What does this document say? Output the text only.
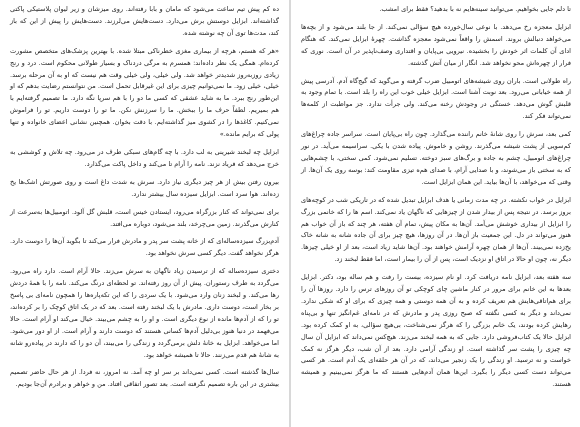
ده کم پیش تیم ساعت می‌شود که مامان و بابا رفته‌اند. روی میزشان و زیر لیوان پلاستیکی پاکتی گذاشته‌اند. ابزایل دوستش برش می‌دارد. دست‌هایش می‌لرزند. دست‌هایش را پیش از این که باز کند، مدت‌ها توی آن چه نوشته شده.

«هر که هستم، هرچه از بیماری مغزی خطرناکی مبتلا شده. با بهترین پزشک‌های متخصص مشورت کرده‌ام. همگی یک نظر داده‌اند: همسرم به مرگی دردناک و بسیار طولانی محکوم است. درد و رنج زیادی روزبه‌روز شدیدتر خواهد شد. ولی خیلی، ولی خیلی وقت هم نیست که او به آن مرحله برسد. خیلی، خیلی زود. ما نمی‌توانیم چیزی برای این غیرقابل تحمل است. من نتوانستم رضایت بدهم که او این‌طور رنج ببرد. ما به شاید عشقی که کسی ما دو را با هم سرپا نگه دارد. ما تصمیم گرفته‌ایم با هم بمیریم. لطفاً حرف ما را ببخش. ما را سرزنش نکن. ما تو را دوست داریم. تو را فراموش نمی‌کنیم. کاغذها را در کشوی میز گذاشته‌ایم. با دقت بخوان. همچنین نشانی اعضای خانواده و تنها پولی که برایم مانده.»

ابزایل چه لبخند شیرینی به لب دارد. با چه گام‌های سبکی طرف در می‌رود. چه تلاش و کوششی به خرج می‌دهد که فریاد نزند. نامه را آرام تا می‌کند و داخل پاکت می‌گذارد.

بیرون رفتن بیش از هر چیز دیگری نیاز دارد. سرش به شدت داغ است و روی صورتش اشک‌ها یخ زده‌اند. هوا سرد است. ابزایل سیزده سال بیشتر ندارد.

برای نمی‌تواند که کنار بزرگراه می‌رود، ایستادن خیس است، قلبش گل آلود. اتومبیل‌ها به‌سرعت از کنارش می‌گذرند. زمین می‌چرخد، بلند می‌شود، دوباره می‌افتد.

آدم‌بزرگ سیزده‌ساله‌ای که از خانه پشت سر پدر و مادرش فرار می‌کند تا بگوید آن‌ها را دوست دارد. هرگز نخواهد گفت. دیگر کسی سرش نخواهد بود.

دختری سیزده‌ساله که از ترسیدن زیاد ناگهان به سرش می‌زند. حالا آرام است. دارد راه می‌رود. می‌گردد به طرف رستوران. پیش از آن روز رفته‌اند. تو لحظه‌ای درنگ می‌کند. نامه را با همهٔ دردش رها می‌کند. و لبخند زنان وارد می‌شود. با یک سردی را که این تکه‌پاره‌ها را همچون نامه‌ای بی پاسخ بر بخار است، دوست داری. مادرش با یک لبخند رفته است. بعد که در یک اتاق کوچک را بر کرده‌اند، تو را که از آدم‌ها مانده از نوع دیگری است. و او را به چشم می‌بیند. خیال می‌کند او آرام است. حالا می‌فهمد در دنیا هنوز بی‌دلیل آدم‌ها کسانی هستند که دوست دارند و آرام است. از او دور می‌شود. اما می‌خواهد. ابزایل به خانهٔ دلش برمی‌گردد و زندگی را می‌بیند، آن دو را که دارند در پیاده‌رو شانه به شانهٔ هم قدم می‌زنند. حالا تا همیشه خواهد بود.

سال‌ها گذشته است. کسی نمی‌داند بر سر او چه آمد. نه امروز، نه فردا. از هر حال حاضر تصمیم بیشتری در این باره تصمیم نگرفته است. بعد تصور اتفاقی افتاد. من و خواهر و برادرم آن‌جا بودیم.

تا دلم جایی بخواهیم. می‌توانید سینه‌هایم نه با بدهید؟ فقط برای امشب.

ابزایل معجزه رخ می‌دهد. با نوعی سال‌خورده هیچ سؤالی نمی‌کند. از جا بلند می‌شود و از بچه‌ها می‌خواهد دنبالش بروند. اسمش را واقعاً نمی‌شود معجزه گذاشت. چهرهٔ ابزایل نمی‌کند. که هنگام ادای آن کلمات اثر خودش را بخشیده. نیرویی بی‌پایان و اقتداری وصف‌ناپذیر در آن است. نوری که فرار از چهره‌اش محو نخواهد شد. انگار از میان آتش گذشته.

راه طولانی است. باران روی شیشه‌های اتومبیل ضرب گرفته و می‌گوید که گیج‌گاه آدم. آدرسی پیش از همه خیابانی می‌رود. بعد نوبت آشنا است. ابزایل خیلی خوب این راه را بلد است. با تمام وجود به قلبش گوش می‌دهد. خستگی در وجودش رخنه می‌کند. ولی جرأت ندارد. جز مواظبت از کلمه‌ها نمی‌تواند فکر کند.

کمی بعد، سرش را روی شانهٔ خانم راننده می‌گذارد. چون راه بی‌پایان است. سراسر جاده چراغ‌های کم‌سویی از پشت شیشه می‌گذرند. روشن و خاموش. پیاده شدن با یکی. سراسیمه می‌آید. در نور چراغ‌های اتومبیل، چشم به جاده و برگ‌های سبز دوخته. تسلیم نمی‌شود. کمی سختی، با چشم‌هایی که به سختی باز می‌شوند، و با صدایی آرام، با صدای هم‌ه تیزی مقاومت کند: بوسه روی یک آن‌ها. از وقتی که می‌خواهد، با آن‌ها بیاید. این همان ابزایل است.

ابزایل در خواب نکشته. در چه مدت زمانی یا هدف ابزایل تبدیل شده که در تاریکی شب در کوچه‌های بروز برسد. در نتیجه پس از بیدار شدن از چیزهایی که ناگهان یاد نمی‌کند. اسم ها را که خانمی بزرگ را ابزایل از بیداری خوشش می‌آمد. آن‌ها به مکان پیش، تمام آن هفته، هر چند که باز آن خواب هم هنوز می‌تواند در دل. این جمعیت باز آن‌ها. در آن روزها، هیچ چیز برای آن جاده شانه به شانه خاک یخ‌زده نمی‌بیند. آن‌ها از همان چهره آرامش خواهند بود. آن‌ها شاید زیاد است، بعد از او خیلی چیزها. دیگر نه، چون او حالا در اتاق او نزدیک است، پس از آن را بیمار است، اما فقط لبخند زد.

سه هفته بعد، ابزایل نامه دریافت کرد. او نام سیزده، بیست را رفت و هم ساله بود، دکتر. ابزایل بعدها به این خانم برای مرور در کنار ماشین چای کوچکی تو آن روزهای ترس را دارد. روزها آن را برای هم‌اتاقی‌هایش هم تعریف کرده و به آن همه دوستی و همه چیزی که برای او که شکی ندارد. نمی‌داند و دیگر به کسی نگفته که صبح روزی پدر و مادرش که در نامه‌ای غم‌انگیز تنها و بی‌پناه رهایش کرده بودند، یک خانم بزرگی را که هرگز نمی‌شناخت، بی‌هیچ سؤالی، به او کمک کرده بود. ابزایل حالا یک کتاب‌فروشی دارد. جایی که به همه لبخند می‌زند. هیچ‌کس نمی‌داند که ابزایل آن سال چه چیزی را پشت سر گذاشته است. او زندگی آرامی دارد. بعد از آن شب، دیگر هرگز نه کمک خواست و نه ترسید. او زندگی را یک زنجیر می‌داند، که در آن هر حلقه‌ای یک آدم است. هر کسی می‌تواند دست کسی دیگر را بگیرد. این‌ها همان آدم‌هایی هستند که ما هرگز نمی‌بینیم و همیشه هستند.
